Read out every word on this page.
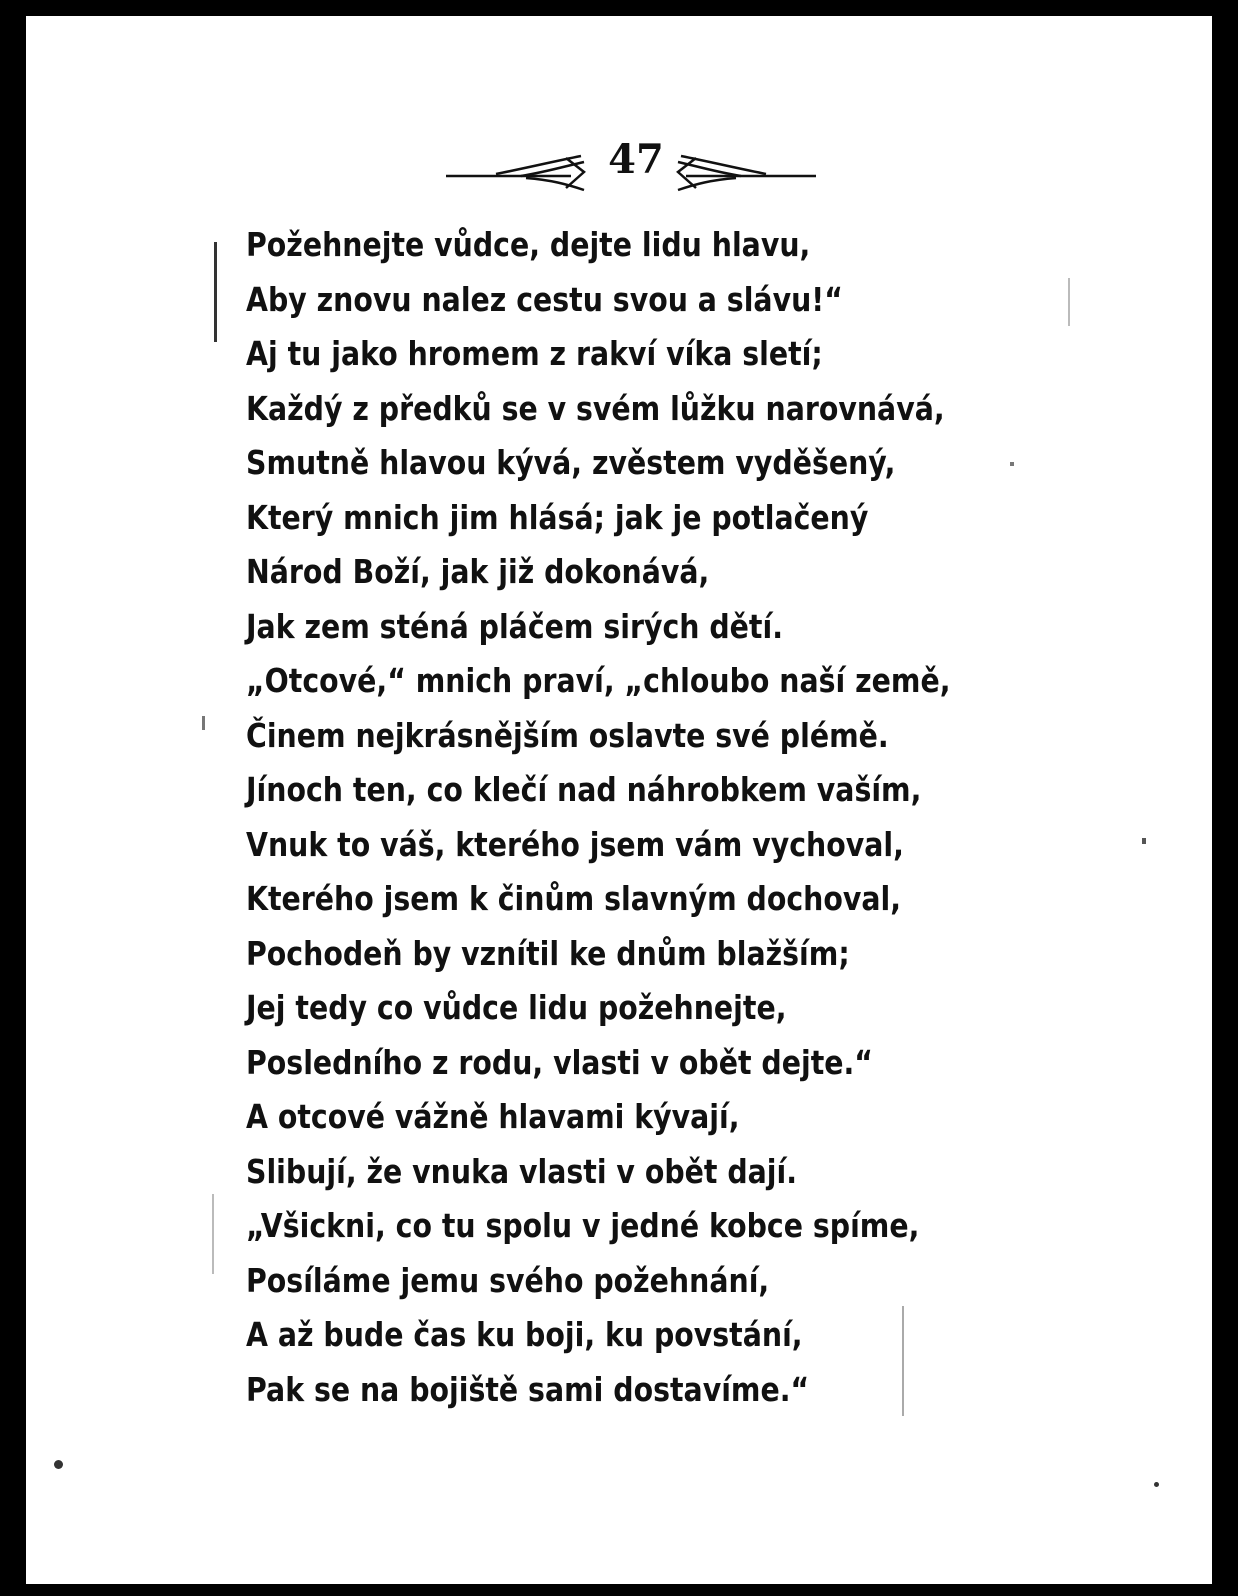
47
Požehnejte vůdce, dejte lidu hlavu,
Aby znovu nalez cestu svou a slávu!“
Aj tu jako hromem z rakví víka sletí;
Každý z předků se v svém lůžku narovnává,
Smutně hlavou kývá, zvěstem vyděšený,
Který mnich jim hlásá; jak je potlačený
Národ Boží, jak již dokonává,
Jak zem sténá pláčem sirých dětí.
„Otcové,“ mnich praví, „chloubo naší země,
Činem nejkrásnějším oslavte své plémě.
Jínoch ten, co klečí nad náhrobkem vaším,
Vnuk to váš, kterého jsem vám vychoval,
Kterého jsem k činům slavným dochoval,
Pochodeň by vznítil ke dnům blažším;
Jej tedy co vůdce lidu požehnejte,
Posledního z rodu, vlasti v obět dejte.“
A otcové vážně hlavami kývají,
Slibují, že vnuka vlasti v obět dají.
„Všickni, co tu spolu v jedné kobce spíme,
Posíláme jemu svého požehnání,
A až bude čas ku boji, ku povstání,
Pak se na bojiště sami dostavíme.“
